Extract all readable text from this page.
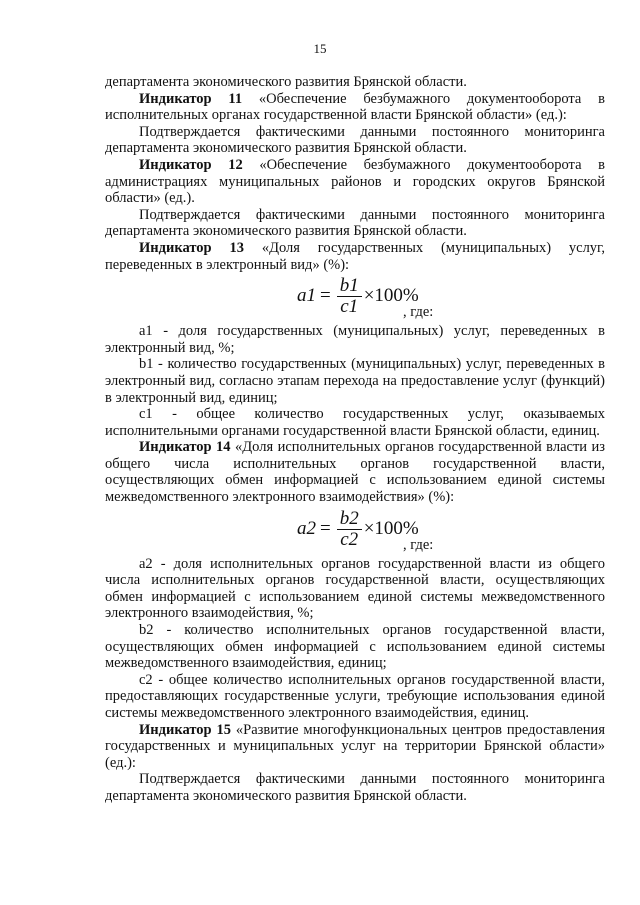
15

департамента экономического развития Брянской области.

Индикатор 11 «Обеспечение безбумажного документооборота в исполнительных органах государственной власти Брянской области» (ед.):

Подтверждается фактическими данными постоянного мониторинга департамента экономического развития Брянской области.

Индикатор 12 «Обеспечение безбумажного документооборота в администрациях муниципальных районов и городских округов Брянской области» (ед.).

Подтверждается фактическими данными постоянного мониторинга департамента экономического развития Брянской области.

Индикатор 13 «Доля государственных (муниципальных) услуг, переведенных в электронный вид» (%):

$a1 = \frac{b1}{c1} \times 100\%$
, где:

a1 - доля государственных (муниципальных) услуг, переведенных в электронный вид, %;

b1 - количество государственных (муниципальных) услуг, переведенных в электронный вид, согласно этапам перехода на предоставление услуг (функций) в электронный вид, единиц;

c1 - общее количество государственных услуг, оказываемых исполнительными органами государственной власти Брянской области, единиц.

Индикатор 14 «Доля исполнительных органов государственной власти из общего числа исполнительных органов государственной власти, осуществляющих обмен информацией с использованием единой системы межведомственного электронного взаимодействия» (%):

$a2 = \frac{b2}{c2} \times 100\%$
, где:

a2 - доля исполнительных органов государственной власти из общего числа исполнительных органов государственной власти, осуществляющих обмен информацией с использованием единой системы межведомственного электронного взаимодействия, %;

b2 - количество исполнительных органов государственной власти, осуществляющих обмен информацией с использованием единой системы межведомственного взаимодействия, единиц;

c2 - общее количество исполнительных органов государственной власти, предоставляющих государственные услуги, требующие использования единой системы межведомственного электронного взаимодействия, единиц.

Индикатор 15 «Развитие многофункциональных центров предоставления государственных и муниципальных услуг на территории Брянской области» (ед.):

Подтверждается фактическими данными постоянного мониторинга департамента экономического развития Брянской области.
